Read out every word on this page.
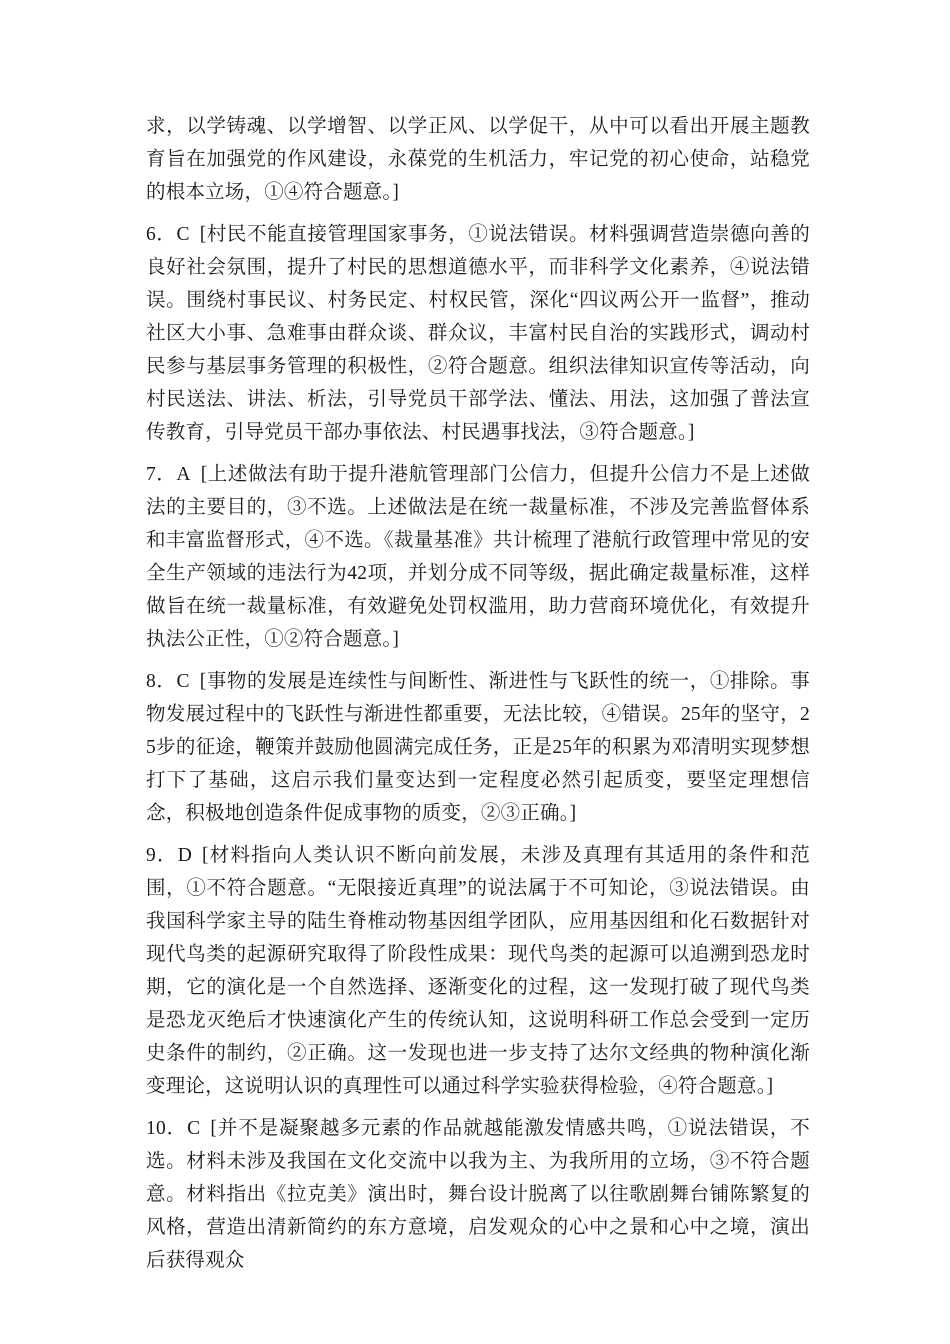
求，以学铸魂、以学增智、以学正风、以学促干，从中可以看出开展主题教育旨在加强党的作风建设，永葆党的生机活力，牢记党的初心使命，站稳党的根本立场，①④符合题意。]

6．C [村民不能直接管理国家事务，①说法错误。材料强调营造崇德向善的良好社会氛围，提升了村民的思想道德水平，而非科学文化素养，④说法错误。围绕村事民议、村务民定、村权民管，深化“四议两公开一监督”，推动社区大小事、急难事由群众谈、群众议，丰富村民自治的实践形式，调动村民参与基层事务管理的积极性，②符合题意。组织法律知识宣传等活动，向村民送法、讲法、析法，引导党员干部学法、懂法、用法，这加强了普法宣传教育，引导党员干部办事依法、村民遇事找法，③符合题意。]

7．A [上述做法有助于提升港航管理部门公信力，但提升公信力不是上述做法的主要目的，③不选。上述做法是在统一裁量标准，不涉及完善监督体系和丰富监督形式，④不选。《裁量基准》共计梳理了港航行政管理中常见的安全生产领域的违法行为42项，并划分成不同等级，据此确定裁量标准，这样做旨在统一裁量标准，有效避免处罚权滥用，助力营商环境优化，有效提升执法公正性，①②符合题意。]

8．C [事物的发展是连续性与间断性、渐进性与飞跃性的统一，①排除。事物发展过程中的飞跃性与渐进性都重要，无法比较，④错误。25年的坚守，25步的征途，鞭策并鼓励他圆满完成任务，正是25年的积累为邓清明实现梦想打下了基础，这启示我们量变达到一定程度必然引起质变，要坚定理想信念，积极地创造条件促成事物的质变，②③正确。]

9．D [材料指向人类认识不断向前发展，未涉及真理有其适用的条件和范围，①不符合题意。“无限接近真理”的说法属于不可知论，③说法错误。由我国科学家主导的陆生脊椎动物基因组学团队，应用基因组和化石数据针对现代鸟类的起源研究取得了阶段性成果：现代鸟类的起源可以追溯到恐龙时期，它的演化是一个自然选择、逐渐变化的过程，这一发现打破了现代鸟类是恐龙灭绝后才快速演化产生的传统认知，这说明科研工作总会受到一定历史条件的制约，②正确。这一发现也进一步支持了达尔文经典的物种演化渐变理论，这说明认识的真理性可以通过科学实验获得检验，④符合题意。]

10．C [并不是凝聚越多元素的作品就越能激发情感共鸣，①说法错误，不选。材料未涉及我国在文化交流中以我为主、为我所用的立场，③不符合题意。材料指出《拉克美》演出时，舞台设计脱离了以往歌剧舞台铺陈繁复的风格，营造出清新简约的东方意境，启发观众的心中之景和心中之境，演出后获得观众
